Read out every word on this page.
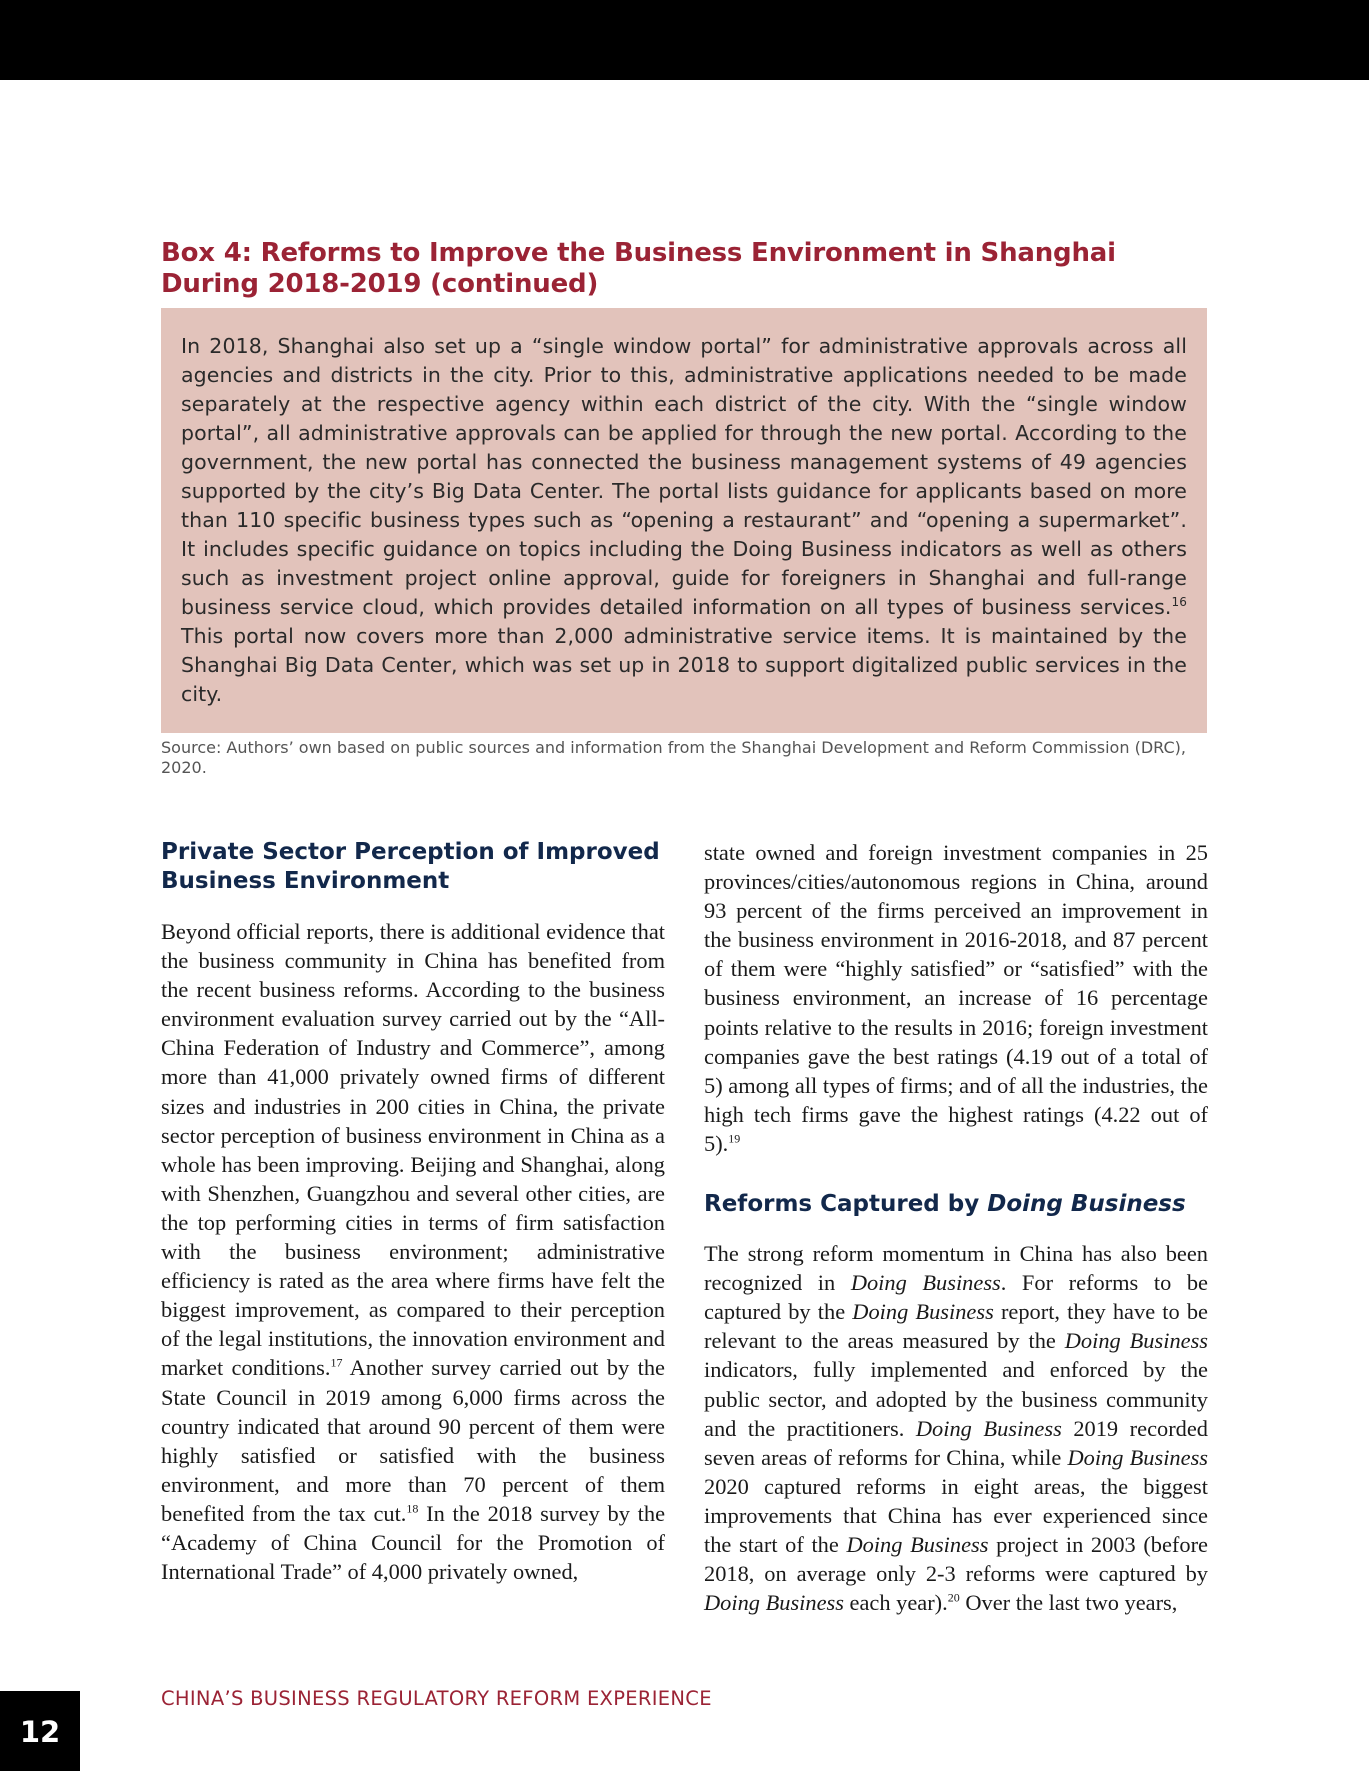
Box 4: Reforms to Improve the Business Environment in Shanghai During 2018-2019 (continued)

In 2018, Shanghai also set up a “single window portal” for administrative approvals across all agencies and districts in the city. Prior to this, administrative applications needed to be made separately at the respective agency within each district of the city. With the “single window portal”, all administrative approvals can be applied for through the new portal. According to the government, the new portal has connected the business management systems of 49 agencies supported by the city’s Big Data Center. The portal lists guidance for applicants based on more than 110 specific business types such as “opening a restaurant” and “opening a supermarket”. It includes specific guidance on topics including the Doing Business indicators as well as others such as investment project online approval, guide for foreigners in Shanghai and full-range business service cloud, which provides detailed information on all types of business services.$^{16}$ This portal now covers more than 2,000 administrative service items. It is maintained by the Shanghai Big Data Center, which was set up in 2018 to support digitalized public services in the city.

Source: Authors’ own based on public sources and information from the Shanghai Development and Reform Commission (DRC), 2020.

Private Sector Perception of Improved Business Environment

Beyond official reports, there is additional evidence that the business community in China has benefited from the recent business reforms. According to the business environment evaluation survey carried out by the “All-China Federation of Industry and Commerce”, among more than 41,000 privately owned firms of different sizes and industries in 200 cities in China, the private sector perception of business environment in China as a whole has been improving. Beijing and Shanghai, along with Shenzhen, Guangzhou and several other cities, are the top performing cities in terms of firm satisfaction with the business environment; administrative efficiency is rated as the area where firms have felt the biggest improvement, as compared to their perception of the legal institutions, the innovation environment and market conditions.$^{17}$ Another survey carried out by the State Council in 2019 among 6,000 firms across the country indicated that around 90 percent of them were highly satisfied or satisfied with the business environment, and more than 70 percent of them benefited from the tax cut.$^{18}$ In the 2018 survey by the “Academy of China Council for the Promotion of International Trade” of 4,000 privately owned,

state owned and foreign investment companies in 25 provinces/cities/autonomous regions in China, around 93 percent of the firms perceived an improvement in the business environment in 2016-2018, and 87 percent of them were “highly satisfied” or “satisfied” with the business environment, an increase of 16 percentage points relative to the results in 2016; foreign investment companies gave the best ratings (4.19 out of a total of 5) among all types of firms; and of all the industries, the high tech firms gave the highest ratings (4.22 out of 5).$^{19}$

Reforms Captured by Doing Business

The strong reform momentum in China has also been recognized in Doing Business. For reforms to be captured by the Doing Business report, they have to be relevant to the areas measured by the Doing Business indicators, fully implemented and enforced by the public sector, and adopted by the business community and the practitioners. Doing Business 2019 recorded seven areas of reforms for China, while Doing Business 2020 captured reforms in eight areas, the biggest improvements that China has ever experienced since the start of the Doing Business project in 2003 (before 2018, on average only 2-3 reforms were captured by Doing Business each year).$^{20}$ Over the last two years,

CHINA’S BUSINESS REGULATORY REFORM EXPERIENCE

12
